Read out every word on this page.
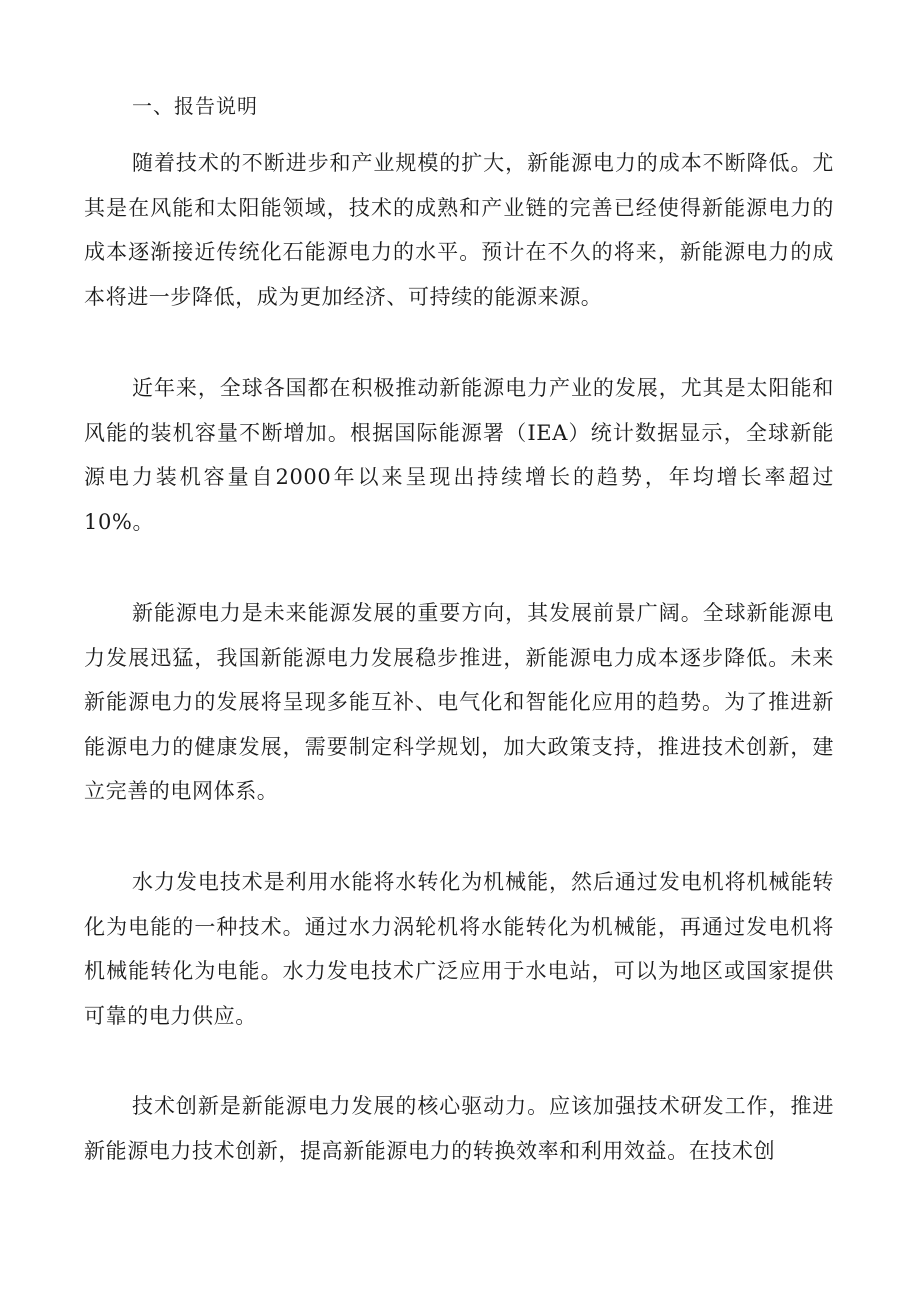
一、报告说明

随着技术的不断进步和产业规模的扩大，新能源电力的成本不断降低。尤其是在风能和太阳能领域，技术的成熟和产业链的完善已经使得新能源电力的成本逐渐接近传统化石能源电力的水平。预计在不久的将来，新能源电力的成本将进一步降低，成为更加经济、可持续的能源来源。

近年来，全球各国都在积极推动新能源电力产业的发展，尤其是太阳能和风能的装机容量不断增加。根据国际能源署（IEA）统计数据显示，全球新能源电力装机容量自2000年以来呈现出持续增长的趋势，年均增长率超过10%。

新能源电力是未来能源发展的重要方向，其发展前景广阔。全球新能源电力发展迅猛，我国新能源电力发展稳步推进，新能源电力成本逐步降低。未来新能源电力的发展将呈现多能互补、电气化和智能化应用的趋势。为了推进新能源电力的健康发展，需要制定科学规划，加大政策支持，推进技术创新，建立完善的电网体系。

水力发电技术是利用水能将水转化为机械能，然后通过发电机将机械能转化为电能的一种技术。通过水力涡轮机将水能转化为机械能，再通过发电机将机械能转化为电能。水力发电技术广泛应用于水电站，可以为地区或国家提供可靠的电力供应。

技术创新是新能源电力发展的核心驱动力。应该加强技术研发工作，推进新能源电力技术创新，提高新能源电力的转换效率和利用效益。在技术创
